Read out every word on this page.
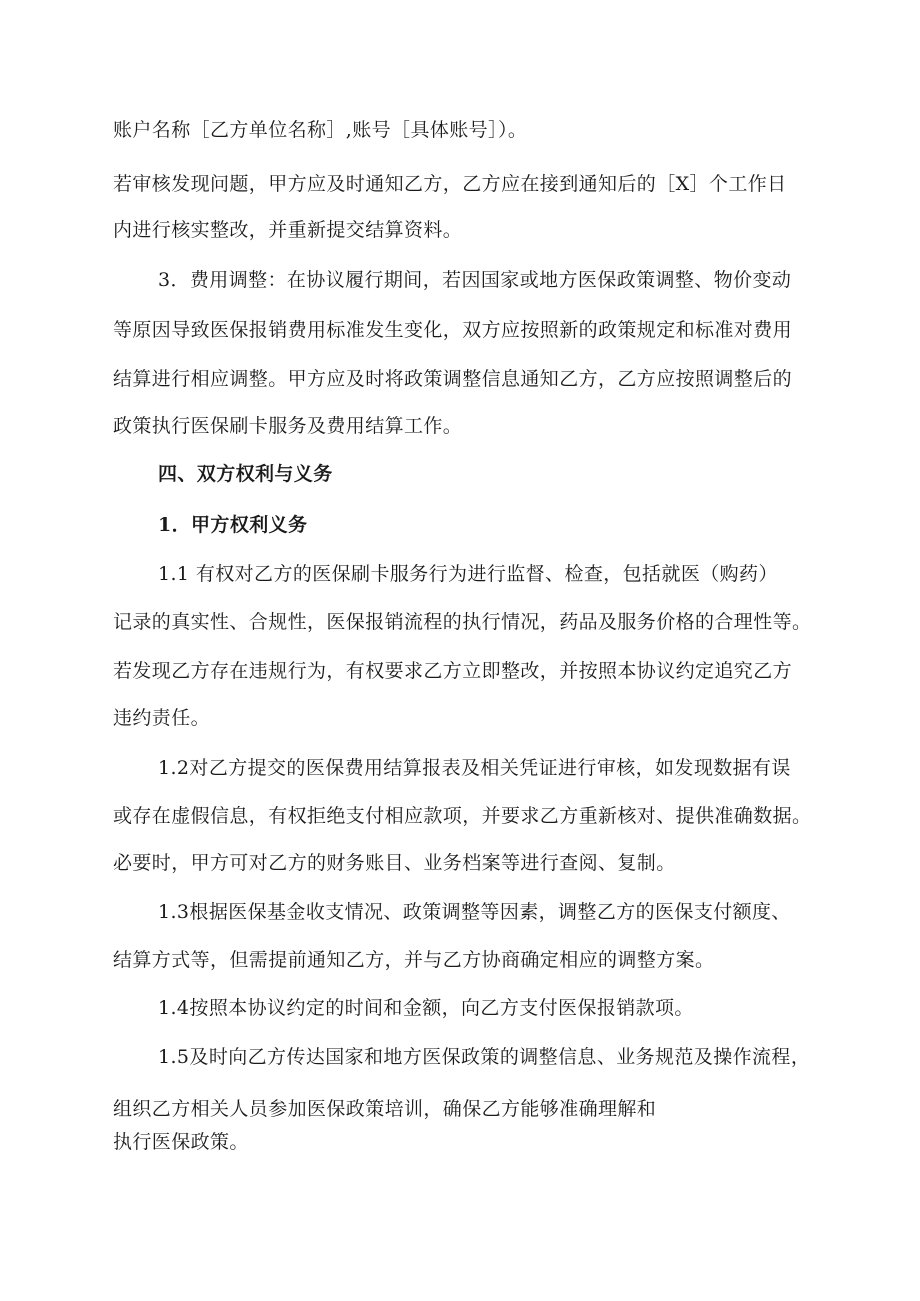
账户名称［乙方单位名称］,账号［具体账号］）。
若审核发现问题，甲方应及时通知乙方，乙方应在接到通知后的［X］个工作日
内进行核实整改，并重新提交结算资料。
3．费用调整：在协议履行期间，若因国家或地方医保政策调整、物价变动
等原因导致医保报销费用标准发生变化，双方应按照新的政策规定和标准对费用
结算进行相应调整。甲方应及时将政策调整信息通知乙方，乙方应按照调整后的
政策执行医保刷卡服务及费用结算工作。
四、双方权利与义务
1．甲方权利义务
1.1 有权对乙方的医保刷卡服务行为进行监督、检查，包括就医（购药）
记录的真实性、合规性，医保报销流程的执行情况，药品及服务价格的合理性等。
若发现乙方存在违规行为，有权要求乙方立即整改，并按照本协议约定追究乙方
违约责任。
1.2对乙方提交的医保费用结算报表及相关凭证进行审核，如发现数据有误
或存在虚假信息，有权拒绝支付相应款项，并要求乙方重新核对、提供准确数据。
必要时，甲方可对乙方的财务账目、业务档案等进行查阅、复制。
1.3根据医保基金收支情况、政策调整等因素，调整乙方的医保支付额度、
结算方式等，但需提前通知乙方，并与乙方协商确定相应的调整方案。
1.4按照本协议约定的时间和金额，向乙方支付医保报销款项。
1.5及时向乙方传达国家和地方医保政策的调整信息、业务规范及操作流程，
组织乙方相关人员参加医保政策培训，确保乙方能够准确理解和
执行医保政策。
